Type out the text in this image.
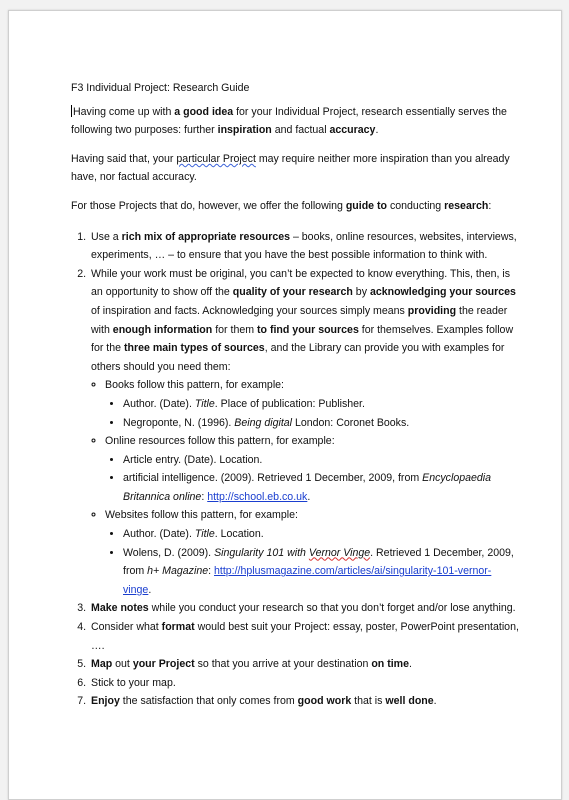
F3 Individual Project: Research Guide

Having come up with a good idea for your Individual Project, research essentially serves the following two purposes: further inspiration and factual accuracy.

Having said that, your particular Project may require neither more inspiration than you already have, nor factual accuracy.

For those Projects that do, however, we offer the following guide to conducting research:

1. Use a rich mix of appropriate resources – books, online resources, websites, interviews, experiments, … – to ensure that you have the best possible information to think with.
2. While your work must be original, you can’t be expected to know everything. This, then, is an opportunity to show off the quality of your research by acknowledging your sources of inspiration and facts. Acknowledging your sources simply means providing the reader with enough information for them to find your sources for themselves. Examples follow for the three main types of sources, and the Library can provide you with examples for others should you need them:
◦ Books follow this pattern, for example:
• Author. (Date). Title. Place of publication: Publisher.
• Negroponte, N. (1996). Being digital London: Coronet Books.
◦ Online resources follow this pattern, for example:
• Article entry. (Date). Location.
• artificial intelligence. (2009). Retrieved 1 December, 2009, from Encyclopaedia Britannica online: http://school.eb.co.uk.
◦ Websites follow this pattern, for example:
• Author. (Date). Title. Location.
• Wolens, D. (2009). Singularity 101 with Vernor Vinge. Retrieved 1 December, 2009, from h+ Magazine: http://hplusmagazine.com/articles/ai/singularity-101-vernor-vinge.
3. Make notes while you conduct your research so that you don’t forget and/or lose anything.
4. Consider what format would best suit your Project: essay, poster, PowerPoint presentation, ….
5. Map out your Project so that you arrive at your destination on time.
6. Stick to your map.
7. Enjoy the satisfaction that only comes from good work that is well done.
